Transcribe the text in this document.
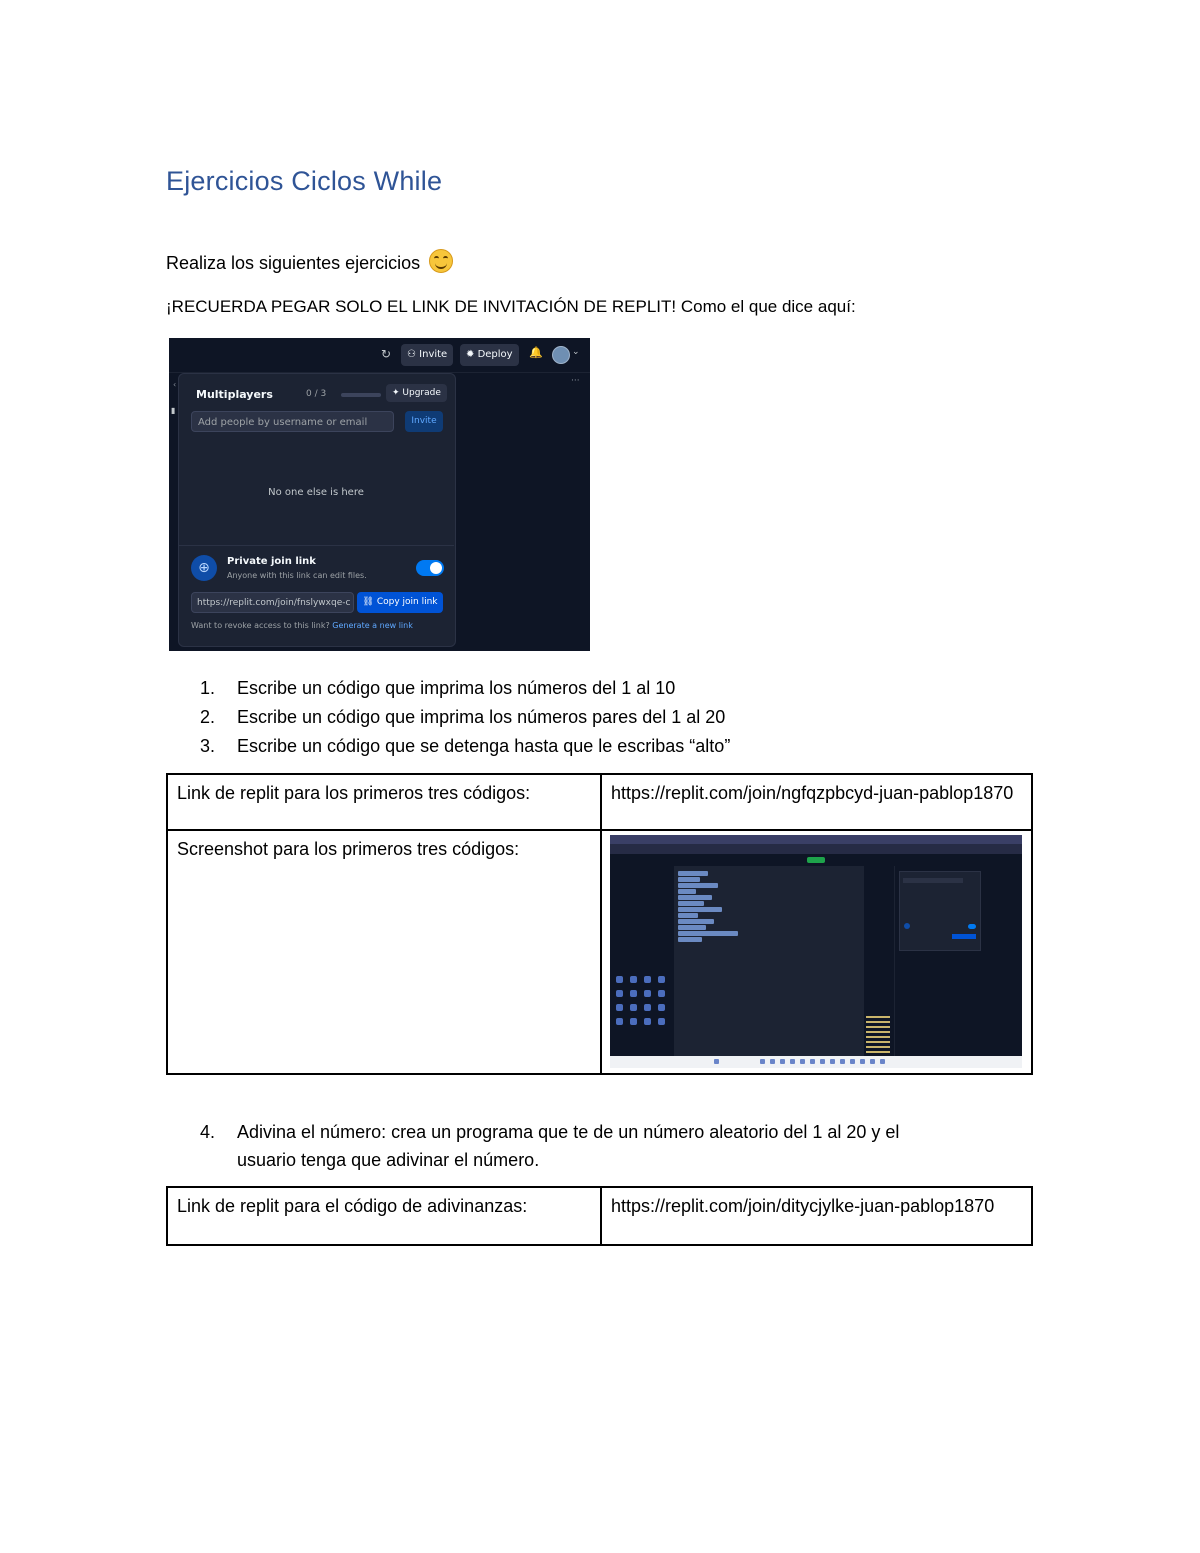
Ejercicios Ciclos While

Realiza los siguientes ejercicios

¡RECUERDA PEGAR SOLO EL LINK DE INVITACIÓN DE REPLIT! Como el que dice aquí:

↻	⚇ Invite	✹ Deploy	🔔	⌄
···
‹
▮
Multiplayers	0 / 3	✦ Upgrade
Add people by username or email	Invite
No one else is here
⊕	Private join link
Anyone with this link can edit files.
https://replit.com/join/fnslywxqe-c	⛓ Copy join link
Want to revoke access to this link? Generate a new link
1.	Escribe un código que imprima los números del 1 al 10
2.	Escribe un código que imprima los números pares del 1 al 20
3.	Escribe un código que se detenga hasta que le escribas “alto”
Link de replit para los primeros tres códigos:	https://replit.com/join/ngfqzpbcyd-juan-pablop1870
Screenshot para los primeros tres códigos:	
4. Adivina el número: crea un programa que te de un número aleatorio del 1 al 20 y el
usuario tenga que adivinar el número.
Link de replit para el código de adivinanzas:	https://replit.com/join/ditycjylke-juan-pablop1870
